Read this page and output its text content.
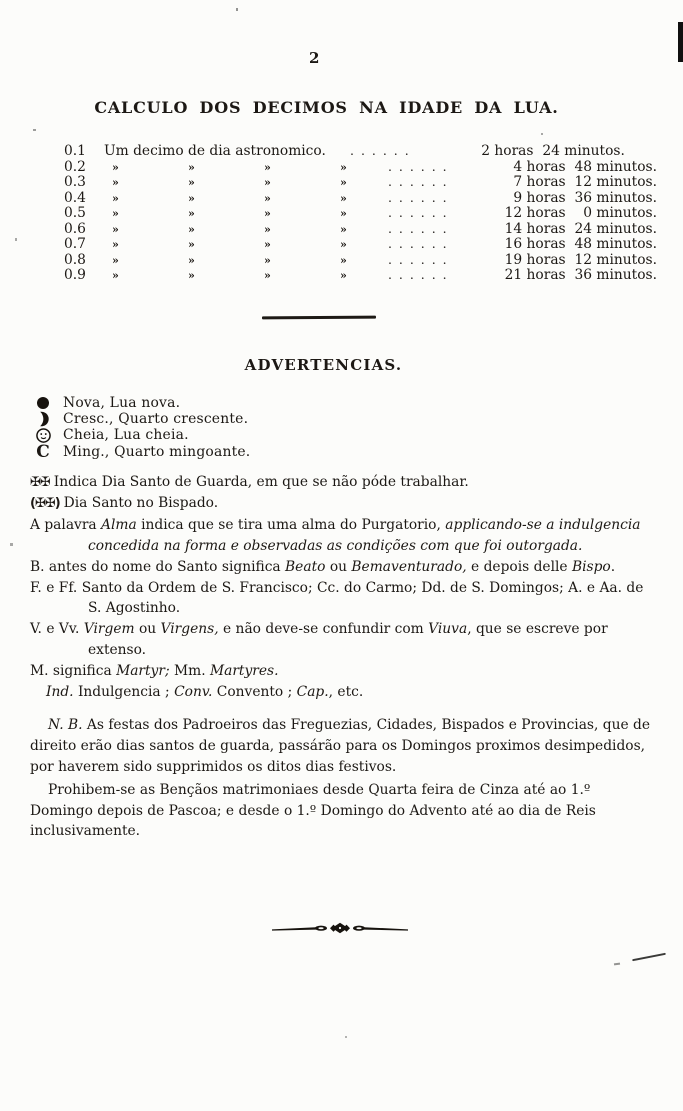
2
CALCULO DOS DECIMOS NA IDADE DA LUA.
0.1	Um decimo de dia astronomico.	. . . . . .	2 horas 24 minutos.
0.2	»	»	»	»	. . . . . .	4 horas 48 minutos.
0.3	»	»	»	»	. . . . . .	7 horas 12 minutos.
0.4	»	»	»	»	. . . . . .	9 horas 36 minutos.
0.5	»	»	»	»	. . . . . .	12 horas 0 minutos.
0.6	»	»	»	»	. . . . . .	14 horas 24 minutos.
0.7	»	»	»	»	. . . . . .	16 horas 48 minutos.
0.8	»	»	»	»	. . . . . .	19 horas 12 minutos.
0.9	»	»	»	»	. . . . . .	21 horas 36 minutos.
ADVERTENCIAS.
Nova, Lua nova.
Cresc., Quarto crescente.
Cheia, Lua cheia.
C Ming., Quarto mingoante.

✠✠ Indica Dia Santo de Guarda, em que se não póde trabalhar.

(✠✠) Dia Santo no Bispado.

A palavra Alma indica que se tira uma alma do Purgatorio, applicando-se a indulgencia concedida na forma e observadas as condições com que foi outorgada.

B. antes do nome do Santo significa Beato ou Bemaventurado, e depois delle Bispo.

F. e Ff. Santo da Ordem de S. Francisco; Cc. do Carmo; Dd. de S. Domingos; A. e Aa. de S. Agostinho.

V. e Vv. Virgem ou Virgens, e não deve-se confundir com Viuva, que se escreve por extenso.

M. significa Martyr; Mm. Martyres.

Ind. Indulgencia ; Conv. Convento ; Cap., etc.

N. B. As festas dos Padroeiros das Freguezias, Cidades, Bispados e Provincias, que de direito erão dias santos de guarda, passárão para os Domingos proximos desimpedidos, por haverem sido supprimidos os ditos dias festivos.

Prohibem-se as Bençãos matrimoniaes desde Quarta feira de Cinza até ao 1.º Domingo depois de Pascoa; e desde o 1.º Domingo do Advento até ao dia de Reis inclusivamente.
